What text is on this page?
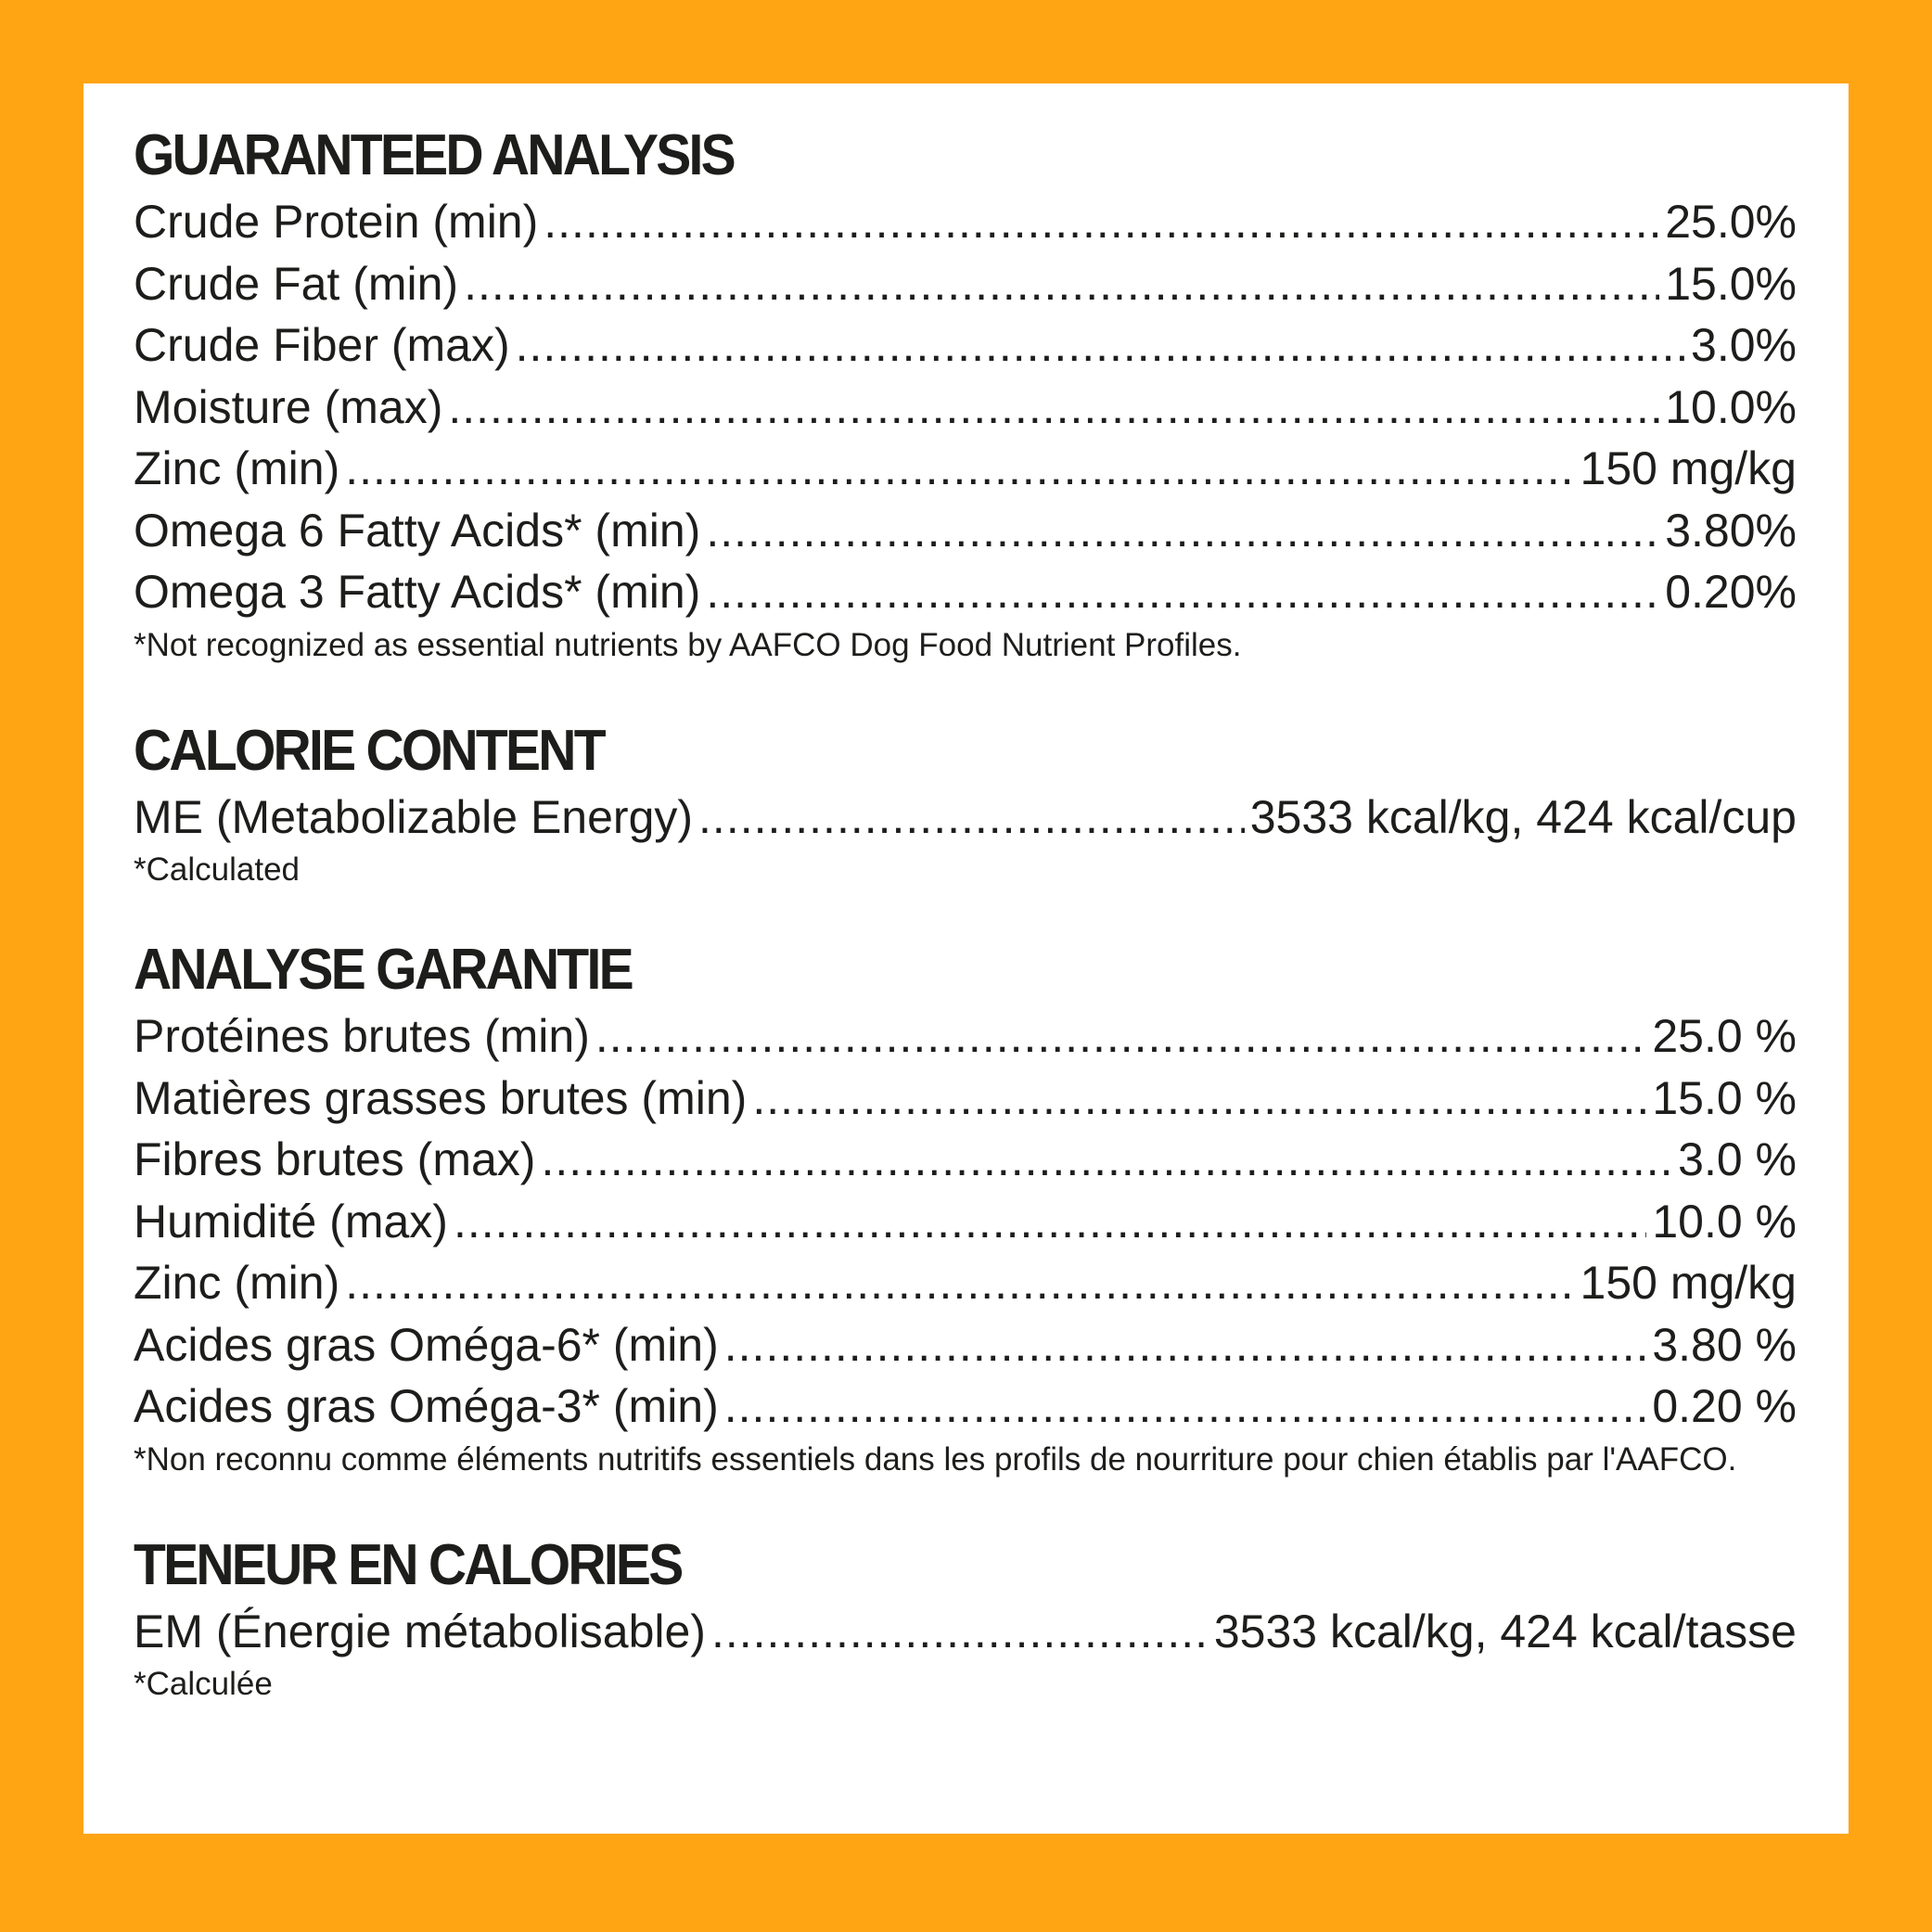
GUARANTEED ANALYSIS
Crude Protein (min) .....	25.0%
Crude Fat (min) .....	15.0%
Crude Fiber (max) .....	3.0%
Moisture (max) .....	10.0%
Zinc (min) .....	150 mg/kg
Omega 6 Fatty Acids* (min) .....	3.80%
Omega 3 Fatty Acids* (min) .....	0.20%

*Not recognized as essential nutrients by AAFCO Dog Food Nutrient Profiles.

CALORIE CONTENT
ME (Metabolizable Energy) .....	3533 kcal/kg, 424 kcal/cup

*Calculated

ANALYSE GARANTIE
Protéines brutes (min) .....	25.0 %
Matières grasses brutes (min) .....	15.0 %
Fibres brutes (max) .....	3.0 %
Humidité (max) .....	10.0 %
Zinc (min) .....	150 mg/kg
Acides gras Oméga-6* (min) .....	3.80 %
Acides gras Oméga-3* (min) .....	0.20 %

*Non reconnu comme éléments nutritifs essentiels dans les profils de nourriture pour chien établis par l'AAFCO.

TENEUR EN CALORIES
EM (Énergie métabolisable) .....	3533 kcal/kg, 424 kcal/tasse

*Calculée
